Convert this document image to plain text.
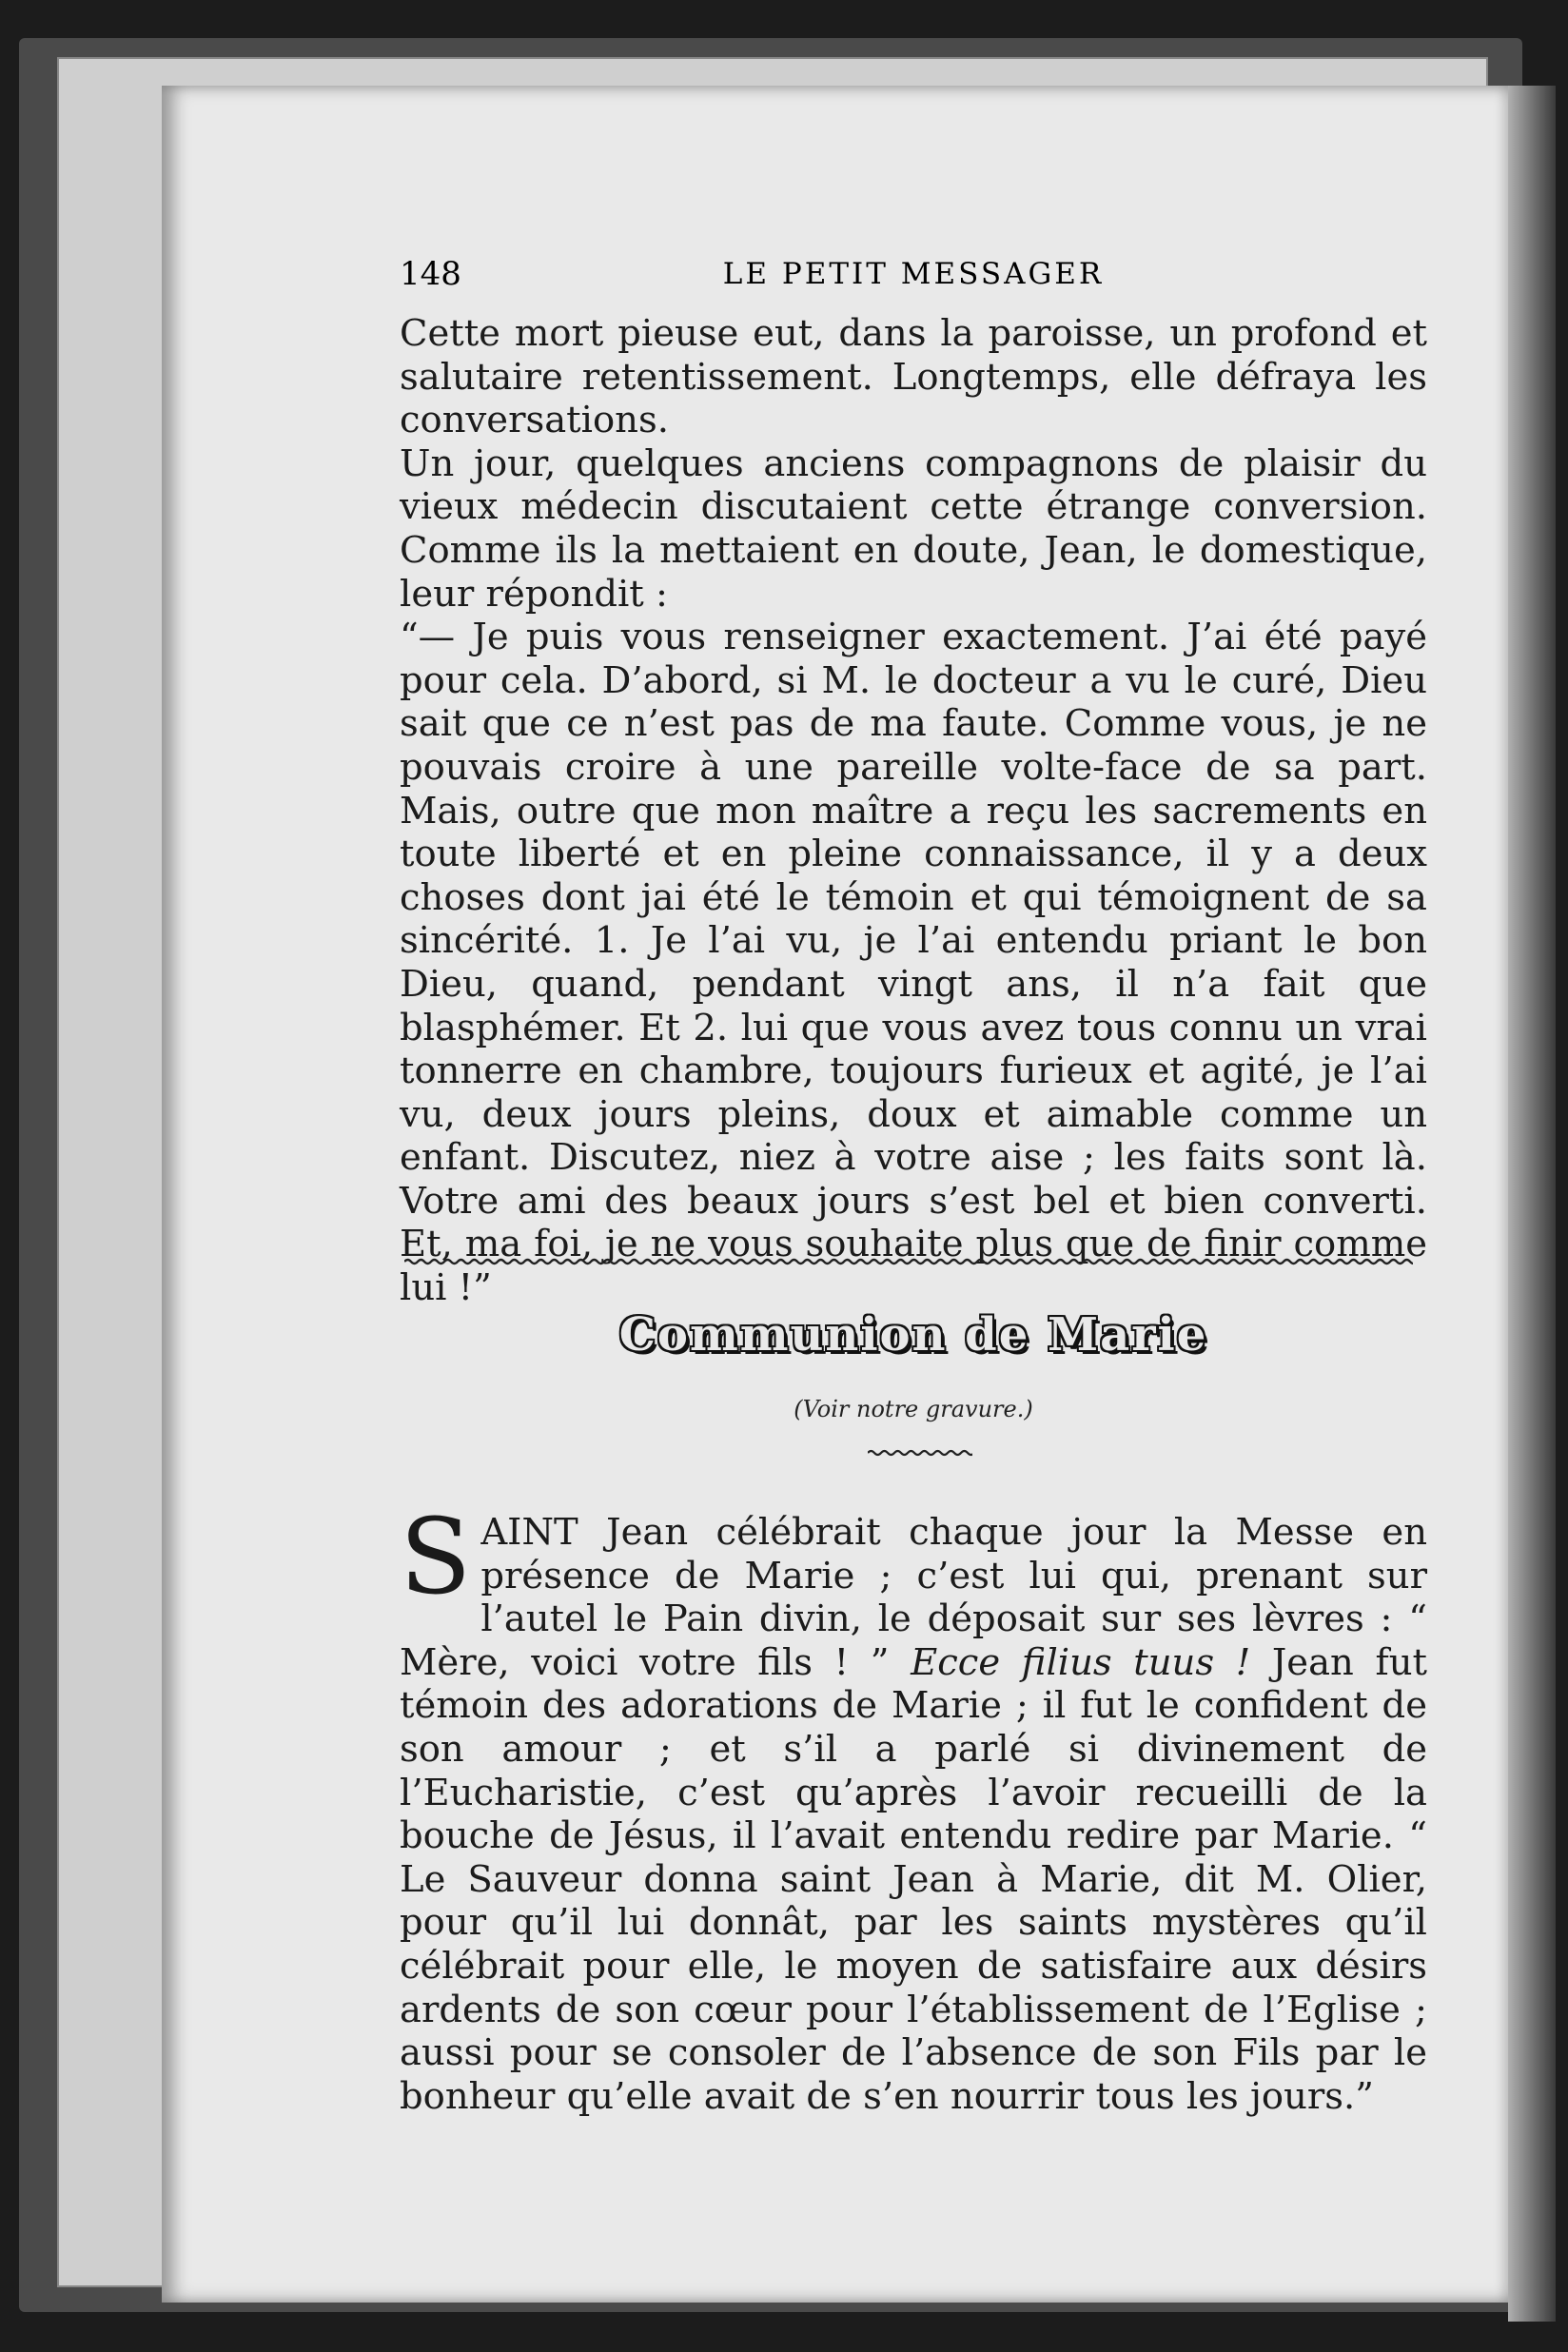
148	LE PETIT MESSAGER

Cette mort pieuse eut, dans la paroisse, un profond et salutaire retentissement. Longtemps, elle défraya les conversations.

Un jour, quelques anciens compagnons de plaisir du vieux médecin discutaient cette étrange conversion. Comme ils la mettaient en doute, Jean, le domestique, leur répondit :

“— Je puis vous renseigner exactement. J’ai été payé pour cela. D’abord, si M. le docteur a vu le curé, Dieu sait que ce n’est pas de ma faute. Comme vous, je ne pouvais croire à une pareille volte-face de sa part. Mais, outre que mon maître a reçu les sacrements en toute liberté et en pleine connaissance, il y a deux choses dont jai été le témoin et qui témoignent de sa sincérité. 1. Je l’ai vu, je l’ai entendu priant le bon Dieu, quand, pendant vingt ans, il n’a fait que blasphémer. Et 2. lui que vous avez tous connu un vrai tonnerre en chambre, toujours furieux et agité, je l’ai vu, deux jours pleins, doux et aimable comme un enfant. Discutez, niez à votre aise ; les faits sont là. Votre ami des beaux jours s’est bel et bien converti. Et, ma foi, je ne vous souhaite plus que de finir comme lui !”

Communion de Marie
(Voir notre gravure.)

SAINT Jean célébrait chaque jour la Messe en présence de Marie ; c’est lui qui, prenant sur l’autel le Pain divin, le déposait sur ses lèvres : “ Mère, voici votre fils ! ” Ecce filius tuus ! Jean fut témoin des adorations de Marie ; il fut le confident de son amour ; et s’il a parlé si divinement de l’Eucharistie, c’est qu’après l’avoir recueilli de la bouche de Jésus, il l’avait entendu redire par Marie. “ Le Sauveur donna saint Jean à Marie, dit M. Olier, pour qu’il lui donnât, par les saints mystères qu’il célébrait pour elle, le moyen de satisfaire aux désirs ardents de son cœur pour l’établissement de l’Eglise ; aussi pour se consoler de l’absence de son Fils par le bonheur qu’elle avait de s’en nourrir tous les jours.”
